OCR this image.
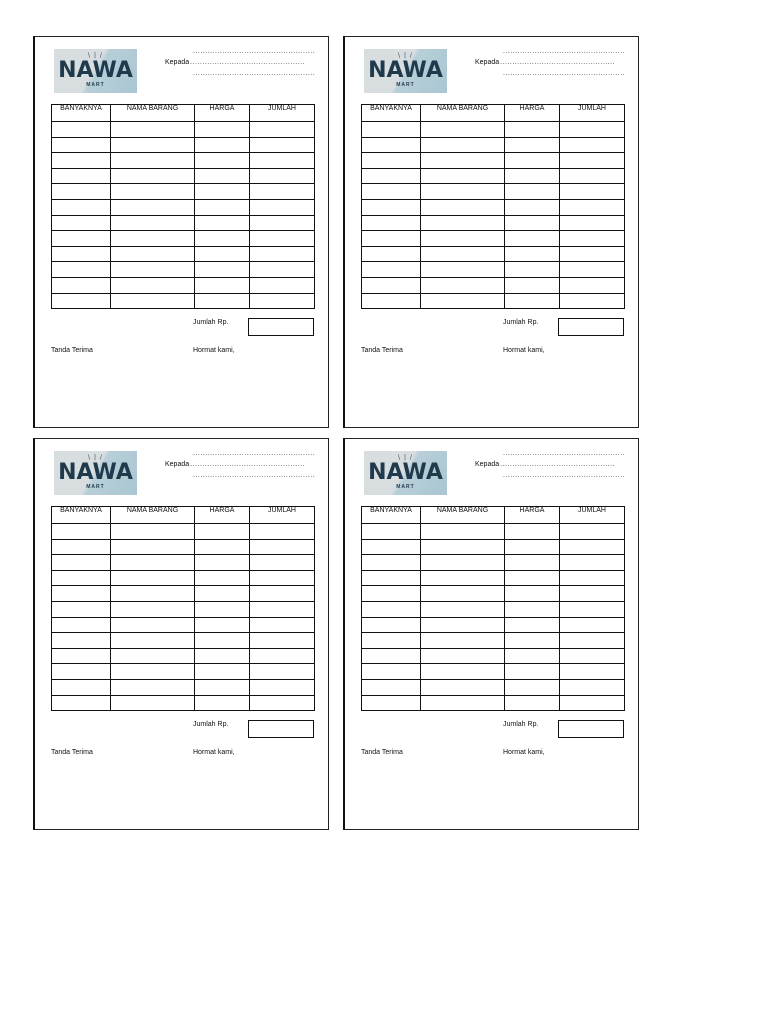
\ | /
NAWA
MART
..................................................
Kepada...............................................
..................................................
BANYAKNYA	NAMA BARANG	HARGA	JUMLAH

Jumlah Rp.
Tanda Terima	Hormat kami,
\ | /
NAWA
MART
..................................................
Kepada...............................................
..................................................
BANYAKNYA	NAMA BARANG	HARGA	JUMLAH

Jumlah Rp.
Tanda Terima	Hormat kami,
\ | /
NAWA
MART
..................................................
Kepada...............................................
..................................................
BANYAKNYA	NAMA BARANG	HARGA	JUMLAH

Jumlah Rp.
Tanda Terima	Hormat kami,
\ | /
NAWA
MART
..................................................
Kepada...............................................
..................................................
BANYAKNYA	NAMA BARANG	HARGA	JUMLAH

Jumlah Rp.
Tanda Terima	Hormat kami,
